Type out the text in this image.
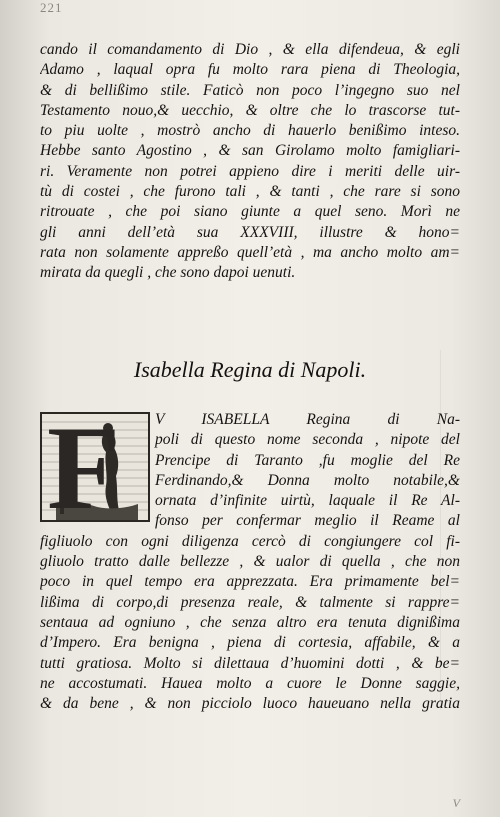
221
cando il comandamento di Dio , & ella difendeua, & egli
Adamo , laqual opra fu molto rara piena di Theologia,
& di bellißimo stile. Faticò non poco l’ingegno suo nel
Testamento nouo,& uecchio, & oltre che lo trascorse tut-
to piu uolte , mostrò ancho di hauerlo benißimo inteso.
Hebbe santo Agostino , & san Girolamo molto famigliari-
ri. Veramente non potrei appieno dire i meriti delle uir-
tù di costei , che furono tali , & tanti , che rare si sono
ritrouate , che poi siano giunte a quel seno. Morì ne
gli anni dell’età sua XXXVIII, illustre & hono=
rata non solamente appreßo quell’età , ma ancho molto am=
mirata da quegli , che sono dapoi uenuti.
Isabella Regina di Napoli.
F	V ISABELLA Regina di Na-
poli di questo nome seconda , nipote del
Prencipe di Taranto ,fu moglie del Re
Ferdinando,& Donna molto notabile,&
ornata d’infinite uirtù, laquale il Re Al-
fonso per confermar meglio il Reame al
figliuolo con ogni diligenza cercò di congiungere col fi-
gliuolo tratto dalle bellezze , & ualor di quella , che non
poco in quel tempo era apprezzata. Era primamente bel=
lißima di corpo,di presenza reale, & talmente si rappre=
sentaua ad ogniuno , che senza altro era tenuta dignißima
d’Impero. Era benigna , piena di cortesia, affabile, & a
tutti gratiosa. Molto si dilettaua d’huomini dotti , & be=
ne accostumati. Hauea molto a cuore le Donne saggie,
& da bene , & non picciolo luoco haueuano nella gratia
V
